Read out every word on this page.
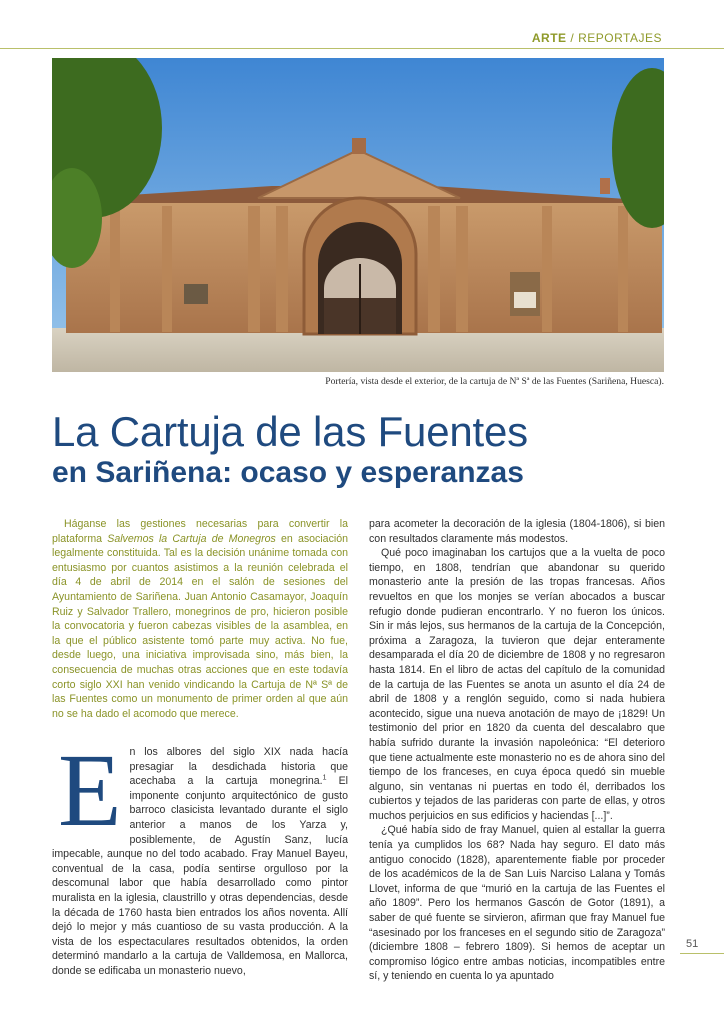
ARTE / REPORTAJES
Portería, vista desde el exterior, de la cartuja de Nª Sª de las Fuentes (Sariñena, Huesca).
La Cartuja de las Fuentes
en Sariñena: ocaso y esperanzas

Háganse las gestiones necesarias para convertir la plataforma Salvemos la Cartuja de Monegros en asociación legalmente constituida. Tal es la decisión unánime tomada con entusiasmo por cuantos asistimos a la reunión celebrada el día 4 de abril de 2014 en el salón de sesiones del Ayuntamiento de Sariñena. Juan Antonio Casamayor, Joaquín Ruiz y Salvador Trallero, monegrinos de pro, hicieron posible la convocatoria y fueron cabezas visibles de la asamblea, en la que el público asistente tomó parte muy activa. No fue, desde luego, una iniciativa improvisada sino, más bien, la consecuencia de muchas otras acciones que en este todavía corto siglo XXI han venido vindicando la Cartuja de Nª Sª de las Fuentes como un monumento de primer orden al que aún no se ha dado el acomodo que merece.

En los albores del siglo XIX nada hacía presagiar la desdichada historia que acechaba a la cartuja monegrina.$^1$ El imponente conjunto arquitectónico de gusto barroco clasicista levantado durante el siglo anterior a manos de los Yarza y, posiblemente, de Agustín Sanz, lucía impecable, aunque no del todo acabado. Fray Manuel Bayeu, conventual de la casa, podía sentirse orgulloso por la descomunal labor que había desarrollado como pintor muralista en la iglesia, claustrillo y otras dependencias, desde la década de 1760 hasta bien entrados los años noventa. Allí dejó lo mejor y más cuantioso de su vasta producción. A la vista de los espectaculares resultados obtenidos, la orden determinó mandarlo a la cartuja de Valldemosa, en Mallorca, donde se edificaba un monasterio nuevo,

para acometer la decoración de la iglesia (1804-1806), si bien con resultados claramente más modestos.

Qué poco imaginaban los cartujos que a la vuelta de poco tiempo, en 1808, tendrían que abandonar su querido monasterio ante la presión de las tropas francesas. Años revueltos en que los monjes se verían abocados a buscar refugio donde pudieran encontrarlo. Y no fueron los únicos. Sin ir más lejos, sus hermanos de la cartuja de la Concepción, próxima a Zaragoza, la tuvieron que dejar enteramente desamparada el día 20 de diciembre de 1808 y no regresaron hasta 1814. En el libro de actas del capítulo de la comunidad de la cartuja de las Fuentes se anota un asunto el día 24 de abril de 1808 y a renglón seguido, como si nada hubiera acontecido, sigue una nueva anotación de mayo de ¡1829! Un testimonio del prior en 1820 da cuenta del descalabro que había sufrido durante la invasión napoleónica: “El deterioro que tiene actualmente este monasterio no es de ahora sino del tiempo de los franceses, en cuya época quedó sin mueble alguno, sin ventanas ni puertas en todo él, derribados los cubiertos y tejados de las parideras con parte de ellas, y otros muchos perjuicios en sus edificios y haciendas [...]”.

¿Qué había sido de fray Manuel, quien al estallar la guerra tenía ya cumplidos los 68? Nada hay seguro. El dato más antiguo conocido (1828), aparentemente fiable por proceder de los académicos de la de San Luis Narciso Lalana y Tomás Llovet, informa de que “murió en la cartuja de las Fuentes el año 1809”. Pero los hermanos Gascón de Gotor (1891), a saber de qué fuente se sirvieron, afirman que fray Manuel fue “asesinado por los franceses en el segundo sitio de Zaragoza” (diciembre 1808 – febrero 1809). Si hemos de aceptar un compromiso lógico entre ambas noticias, incompatibles entre sí, y teniendo en cuenta lo ya apuntado

51
